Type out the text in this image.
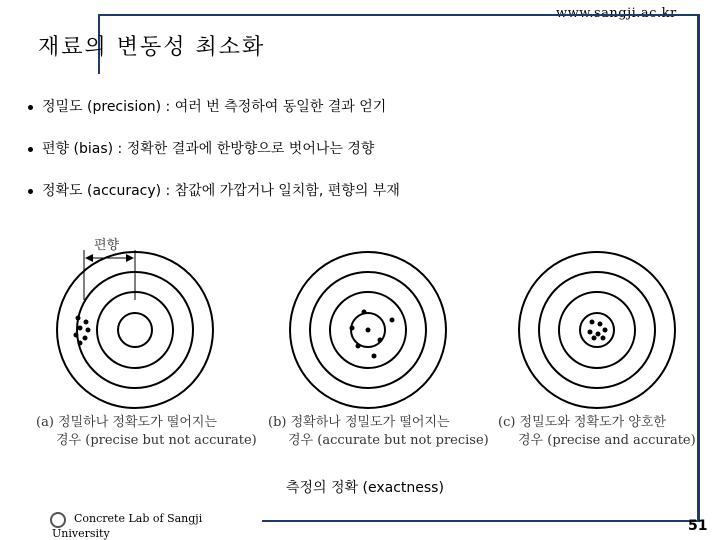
재료의 변동성 최소화
정밀도 (precision) : 여러 번 측정하여 동일한 결과 얻기
편향 (bias) : 정확한 결과에 한방향으로 벗어나는 경향
정확도 (accuracy) : 참값에 가깝거나 일치함, 편향의 부재
편향
(a) 정밀하나 정확도가 떨어지는
경우 (precise but not accurate)
(b) 정확하나 정밀도가 떨어지는
경우 (accurate but not precise)
(c) 정밀도와 정확도가 양호한
경우 (precise and accurate)
측정의 정확 (exactness)
Concrete Lab of Sangji
University	51
